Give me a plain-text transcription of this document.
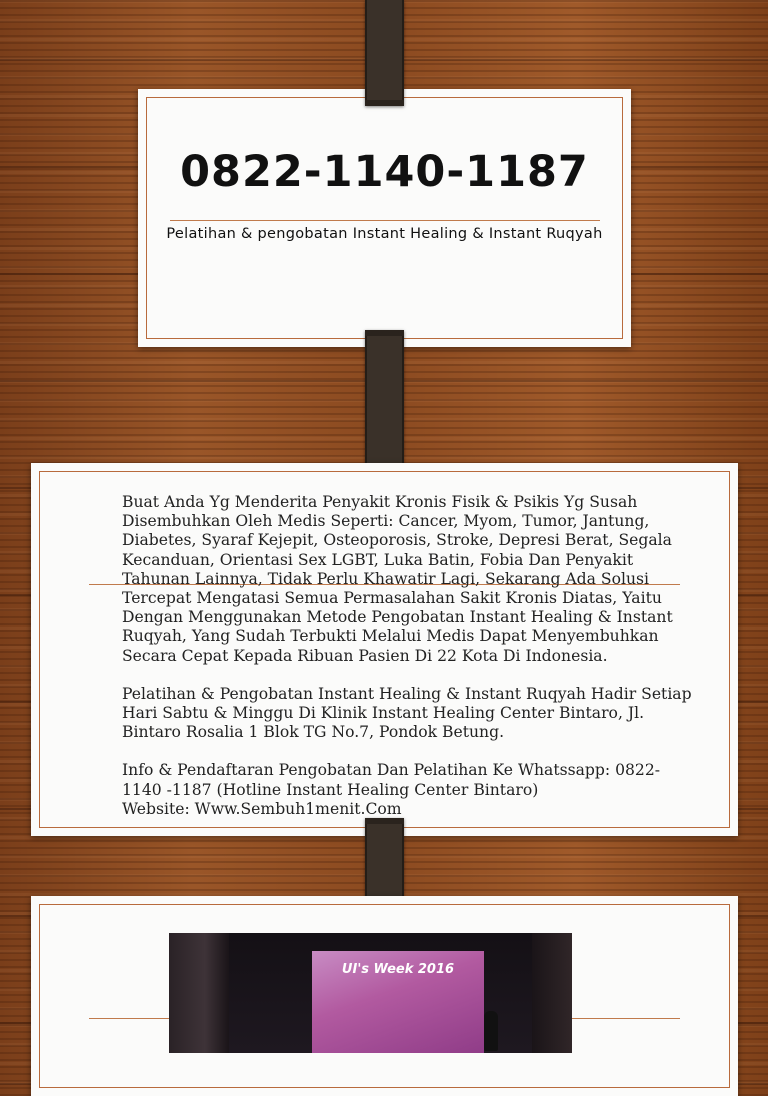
0822-1140-1187
Pelatihan & pengobatan Instant Healing & Instant Ruqyah

Buat Anda Yg Menderita Penyakit Kronis Fisik & Psikis Yg Susah Disembuhkan Oleh Medis Seperti: Cancer, Myom, Tumor, Jantung, Diabetes, Syaraf Kejepit, Osteoporosis, Stroke, Depresi Berat, Segala Kecanduan, Orientasi Sex LGBT, Luka Batin, Fobia Dan Penyakit Tahunan Lainnya, Tidak Perlu Khawatir Lagi, Sekarang Ada Solusi Tercepat Mengatasi Semua Permasalahan Sakit Kronis Diatas, Yaitu Dengan Menggunakan Metode Pengobatan Instant Healing & Instant Ruqyah, Yang Sudah Terbukti Melalui Medis Dapat Menyembuhkan Secara Cepat Kepada Ribuan Pasien Di 22 Kota Di Indonesia.

Pelatihan & Pengobatan Instant Healing & Instant Ruqyah Hadir Setiap Hari Sabtu & Minggu Di Klinik Instant Healing Center Bintaro, Jl. Bintaro Rosalia 1 Blok TG No.7, Pondok Betung.

Info & Pendaftaran Pengobatan Dan Pelatihan Ke Whatssapp: 0822-1140 -1187 (Hotline Instant Healing Center Bintaro)

Website: Www.Sembuh1menit.Com
UI's Week 2016
